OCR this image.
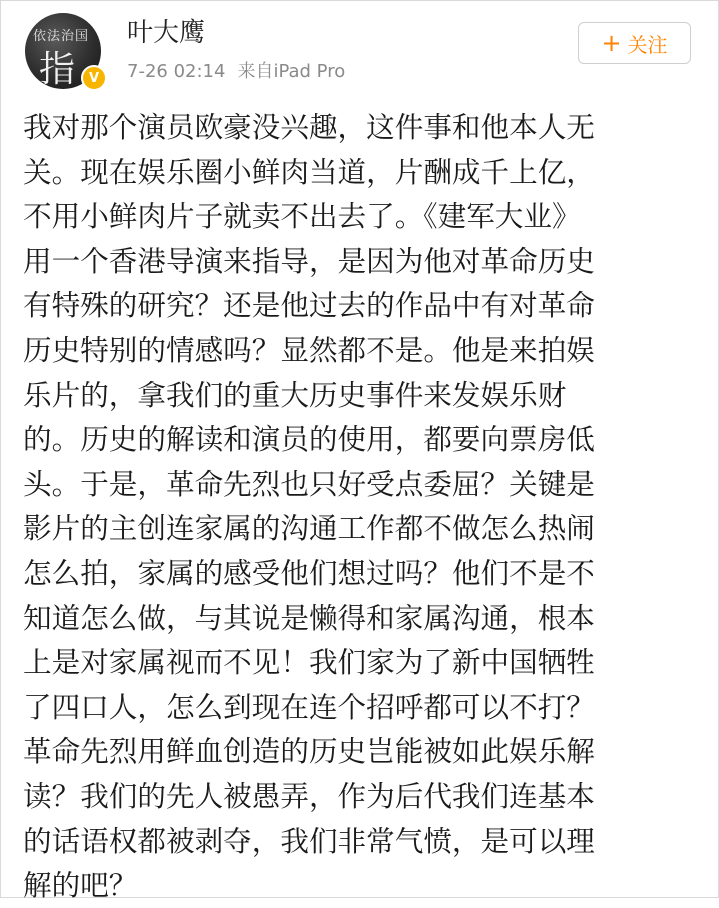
依法治国
指 V
叶大鹰
7-26 02:14 来自iPad Pro
+ 关注
我对那个演员欧豪没兴趣，这件事和他本人无
关。现在娱乐圈小鲜肉当道，片酬成千上亿，
不用小鲜肉片子就卖不出去了。《建军大业》
用一个香港导演来指导，是因为他对革命历史
有特殊的研究？还是他过去的作品中有对革命
历史特别的情感吗？显然都不是。他是来拍娱
乐片的，拿我们的重大历史事件来发娱乐财
的。历史的解读和演员的使用，都要向票房低
头。于是，革命先烈也只好受点委屈？关键是
影片的主创连家属的沟通工作都不做怎么热闹
怎么拍，家属的感受他们想过吗？他们不是不
知道怎么做，与其说是懒得和家属沟通，根本
上是对家属视而不见！我们家为了新中国牺牲
了四口人，怎么到现在连个招呼都可以不打？
革命先烈用鲜血创造的历史岂能被如此娱乐解
读？我们的先人被愚弄，作为后代我们连基本
的话语权都被剥夺，我们非常气愤，是可以理
解的吧？
